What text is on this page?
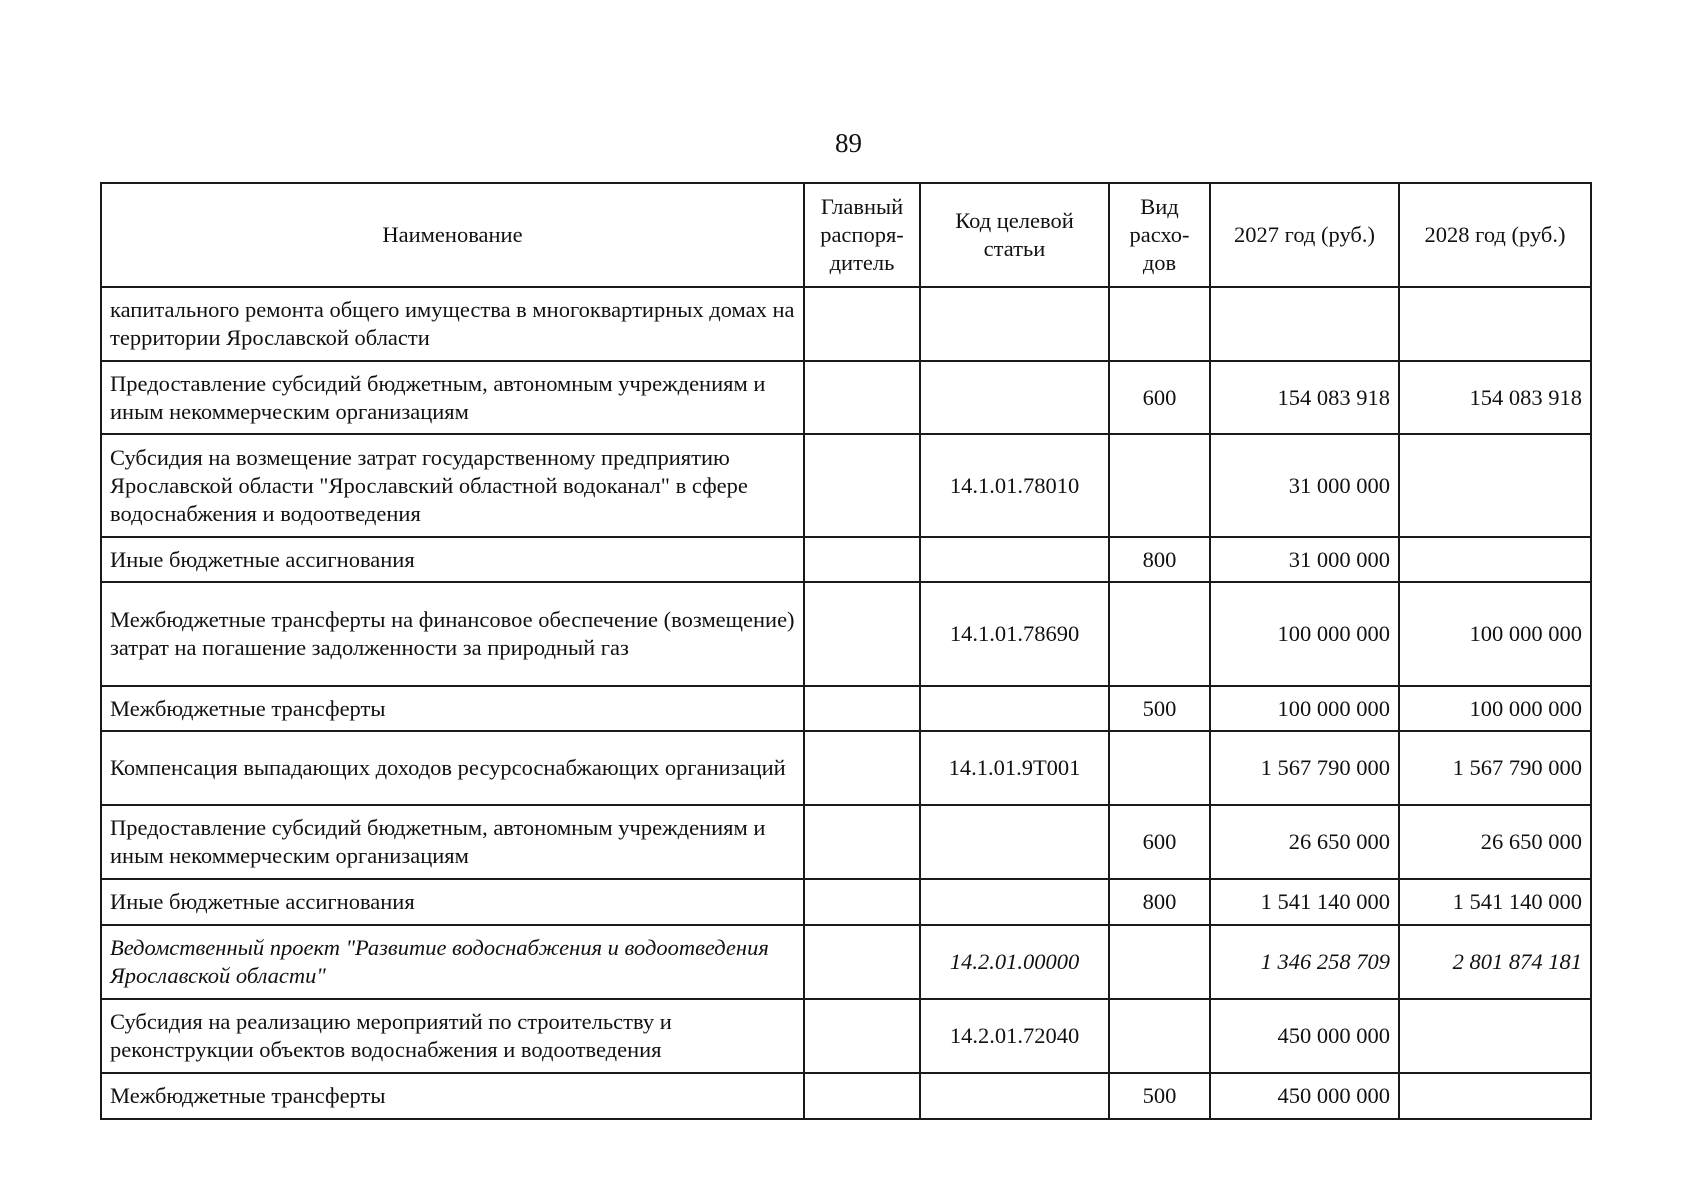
89
Наименование	Главный распоря-дитель	Код целевой статьи	Вид расхо-дов	2027 год (руб.)	2028 год (руб.)
капитального ремонта общего имущества в многоквартирных домах на территории Ярославской области					
Предоставление субсидий бюджетным, автономным учреждениям и иным некоммерческим организациям			600	154 083 918	154 083 918
Субсидия на возмещение затрат государственному предприятию Ярославской области "Ярославский областной водоканал" в сфере водоснабжения и водоотведения		14.1.01.78010		31 000 000	
Иные бюджетные ассигнования			800	31 000 000	
Межбюджетные трансферты на финансовое обеспечение (возмещение) затрат на погашение задолженности за природный газ		14.1.01.78690		100 000 000	100 000 000
Межбюджетные трансферты			500	100 000 000	100 000 000
Компенсация выпадающих доходов ресурсоснабжающих организаций		14.1.01.9Т001		1 567 790 000	1 567 790 000
Предоставление субсидий бюджетным, автономным учреждениям и иным некоммерческим организациям			600	26 650 000	26 650 000
Иные бюджетные ассигнования			800	1 541 140 000	1 541 140 000
Ведомственный проект "Развитие водоснабжения и водоотведения Ярославской области"		14.2.01.00000		1 346 258 709	2 801 874 181
Субсидия на реализацию мероприятий по строительству и реконструкции объектов водоснабжения и водоотведения		14.2.01.72040		450 000 000	
Межбюджетные трансферты			500	450 000 000	
